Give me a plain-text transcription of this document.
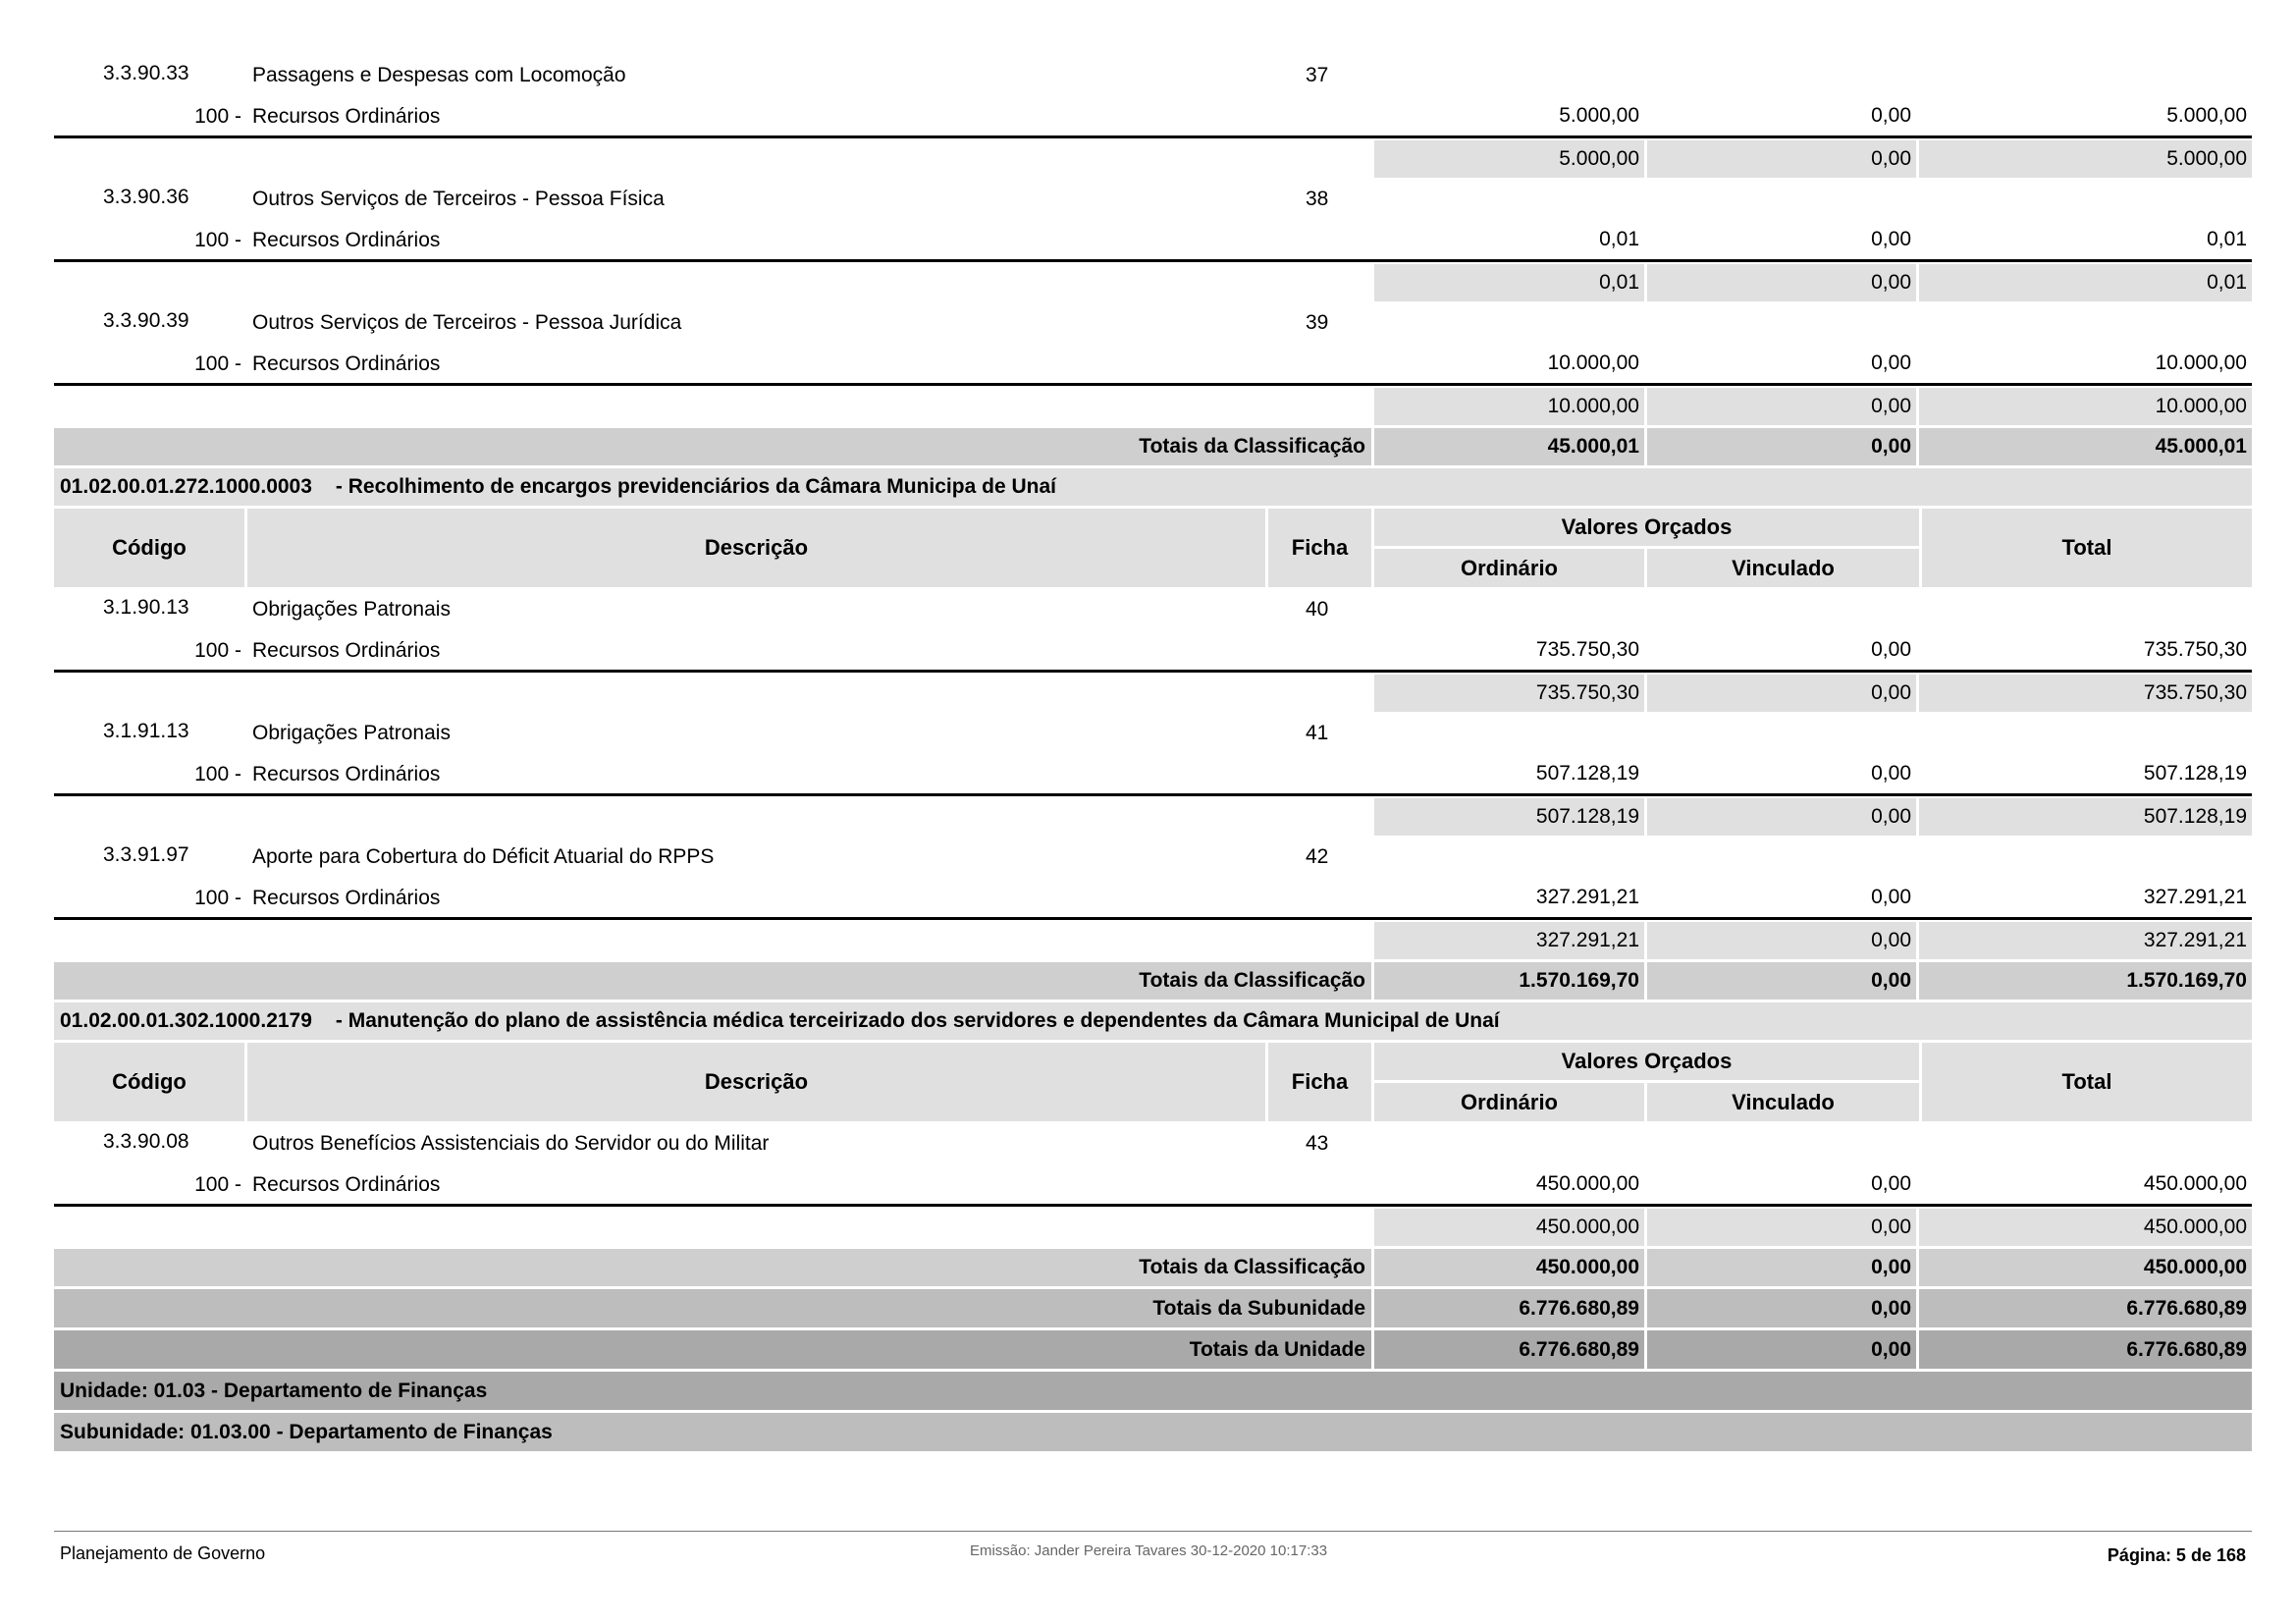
3.3.90.33	Passagens e Despesas com Locomoção	37
100 - Recursos Ordinários	5.000,00	0,00	5.000,00
5.000,00	0,00	5.000,00
3.3.90.36	Outros Serviços de Terceiros - Pessoa Física	38
100 - Recursos Ordinários	0,01	0,00	0,01
0,01	0,00	0,01
3.3.90.39	Outros Serviços de Terceiros - Pessoa Jurídica	39
100 - Recursos Ordinários	10.000,00	0,00	10.000,00
10.000,00	0,00	10.000,00
Totais da Classificação	45.000,01	0,00	45.000,01
01.02.00.01.272.1000.0003 - Recolhimento de encargos previdenciários da Câmara Municipa de Unaí
Código	Descrição	Ficha
Valores Orçados
Ordinário	Vinculado
Total
3.1.90.13	Obrigações Patronais	40
100 - Recursos Ordinários	735.750,30	0,00	735.750,30
735.750,30	0,00	735.750,30
3.1.91.13	Obrigações Patronais	41
100 - Recursos Ordinários	507.128,19	0,00	507.128,19
507.128,19	0,00	507.128,19
3.3.91.97	Aporte para Cobertura do Déficit Atuarial do RPPS	42
100 - Recursos Ordinários	327.291,21	0,00	327.291,21
327.291,21	0,00	327.291,21
Totais da Classificação	1.570.169,70	0,00	1.570.169,70
01.02.00.01.302.1000.2179 - Manutenção do plano de assistência médica terceirizado dos servidores e dependentes da Câmara Municipal de Unaí
Código	Descrição	Ficha
Valores Orçados
Ordinário	Vinculado
Total
3.3.90.08	Outros Benefícios Assistenciais do Servidor ou do Militar	43
100 - Recursos Ordinários	450.000,00	0,00	450.000,00
450.000,00	0,00	450.000,00
Totais da Classificação	450.000,00	0,00	450.000,00
Totais da Subunidade	6.776.680,89	0,00	6.776.680,89
Totais da Unidade	6.776.680,89	0,00	6.776.680,89
Unidade: 01.03 - Departamento de Finanças
Subunidade: 01.03.00 - Departamento de Finanças
Planejamento de Governo	Emissão: Jander Pereira Tavares 30-12-2020 10:17:33	Página: 5 de 168
